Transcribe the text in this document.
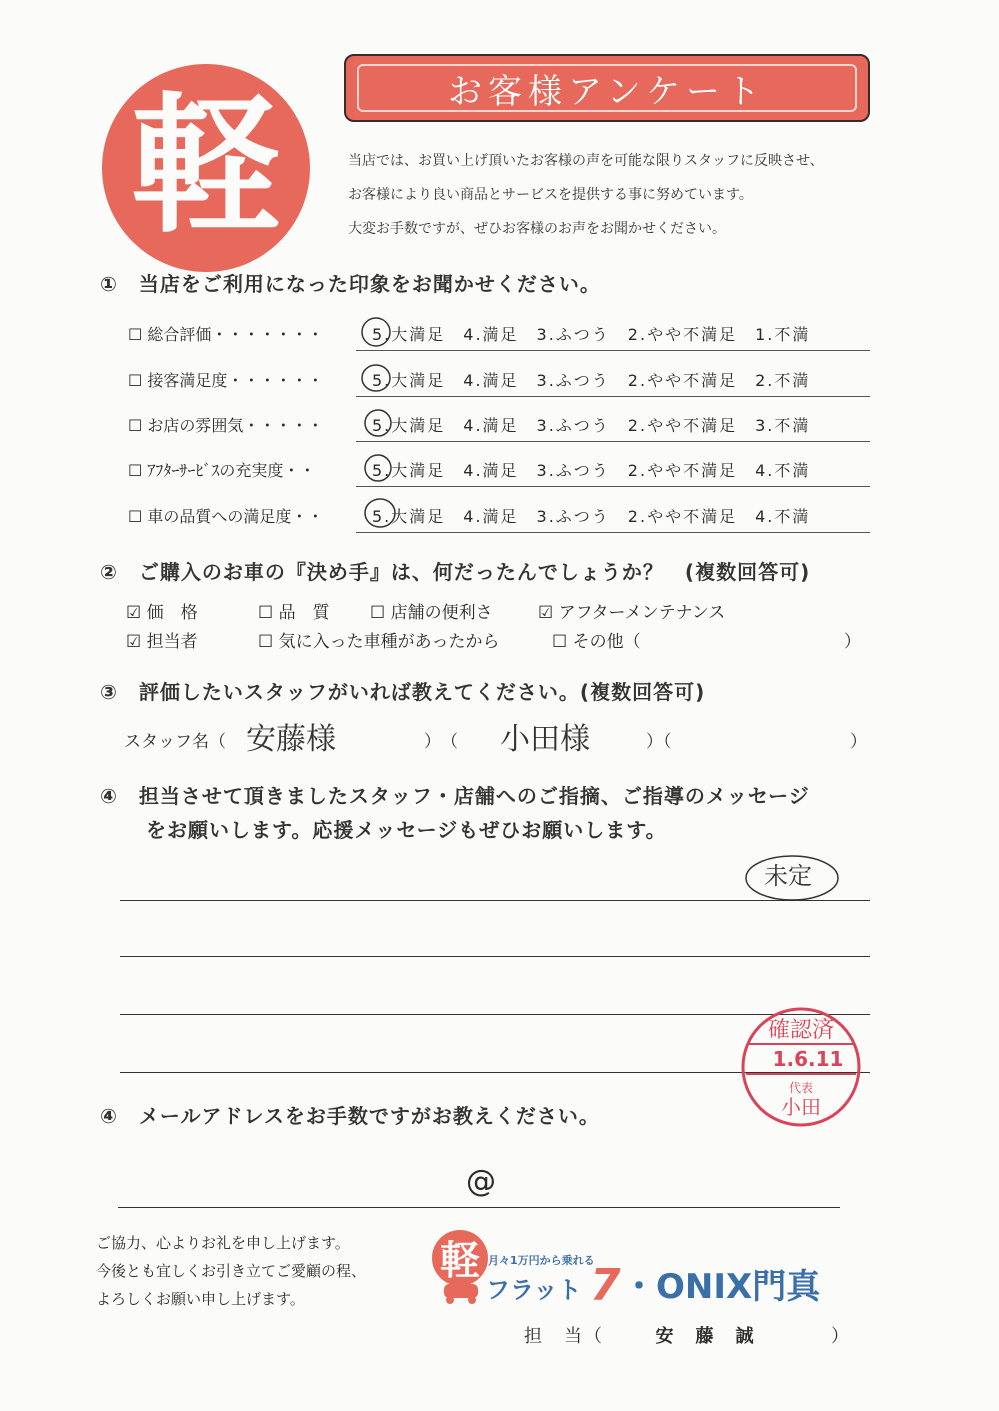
軽	お客様アンケート
当店では、お買い上げ頂いたお客様の声を可能な限りスタッフに反映させ、
お客様により良い商品とサービスを提供する事に努めています。
大変お手数ですが、ぜひお客様のお声をお聞かせください。
①　当店をご利用になった印象をお聞かせください。
☐ 総合評価・・・・・・・	5.大満足　4.満足　3.ふつう　2.やや不満足　1.不満
☐ 接客満足度・・・・・・	5.大満足　4.満足　3.ふつう　2.やや不満足　2.不満
☐ お店の雰囲気・・・・・	5.大満足　4.満足　3.ふつう　2.やや不満足　3.不満
☐ ｱﾌﾀｰｻｰﾋﾞｽの充実度・・	5.大満足　4.満足　3.ふつう　2.やや不満足　4.不満
☐ 車の品質への満足度・・	5.大満足　4.満足　3.ふつう　2.やや不満足　4.不満
②　ご購入のお車の『決め手』は、何だったんでしょうか？　(複数回答可)
☑ 価　格	☐ 品　質 ☐ 店舗の便利さ	☑ アフターメンテナンス
☑ 担当者	☐ 気に入った車種があったから	☐ その他（	）
③　評価したいスタッフがいれば教えてください。(複数回答可)
スタッフ名（ 安藤様	）　（ 小田様	）（	）
④　担当させて頂きましたスタッフ・店舗へのご指摘、ご指導のメッセージ
をお願いします。応援メッセージもぜひお願いします。
未定
確認済
1.6.11
代表
小田
④　メールアドレスをお手数ですがお教えください。
@
ご協力、心よりお礼を申し上げます。
今後とも宜しくお引き立てご愛顧の程、
よろしくお願い申し上げます。
軽 月々1万円から乗れる
フラット 7 ・ONIX門真
担　当（	安　藤　誠	）
